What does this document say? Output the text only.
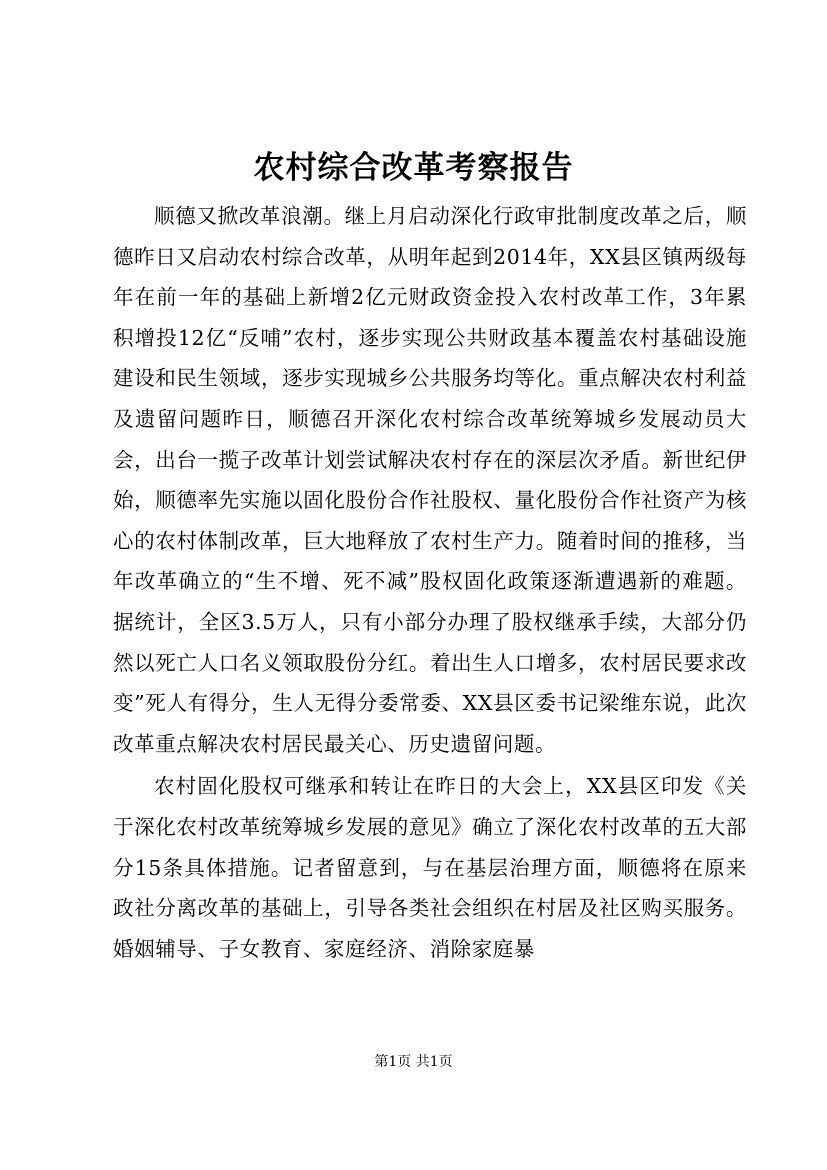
农村综合改革考察报告

顺德又掀改革浪潮。继上月启动深化行政审批制度改革之后，顺德昨日又启动农村综合改革，从明年起到2014年，XX县区镇两级每年在前一年的基础上新增2亿元财政资金投入农村改革工作，3年累积增投12亿“反哺”农村，逐步实现公共财政基本覆盖农村基础设施建设和民生领域，逐步实现城乡公共服务均等化。重点解决农村利益及遗留问题昨日，顺德召开深化农村综合改革统筹城乡发展动员大会，出台一揽子改革计划尝试解决农村存在的深层次矛盾。新世纪伊始，顺德率先实施以固化股份合作社股权、量化股份合作社资产为核心的农村体制改革，巨大地释放了农村生产力。随着时间的推移，当年改革确立的“生不增、死不减”股权固化政策逐渐遭遇新的难题。据统计，全区3.5万人，只有小部分办理了股权继承手续，大部分仍然以死亡人口名义领取股份分红。着出生人口增多，农村居民要求改变”死人有得分，生人无得分委常委、XX县区委书记梁维东说，此次改革重点解决农村居民最关心、历史遗留问题。

农村固化股权可继承和转让在昨日的大会上，XX县区印发《关于深化农村改革统筹城乡发展的意见》确立了深化农村改革的五大部分15条具体措施。记者留意到，与在基层治理方面，顺德将在原来政社分离改革的基础上，引导各类社会组织在村居及社区购买服务。婚姻辅导、子女教育、家庭经济、消除家庭暴

第1页 共1页
